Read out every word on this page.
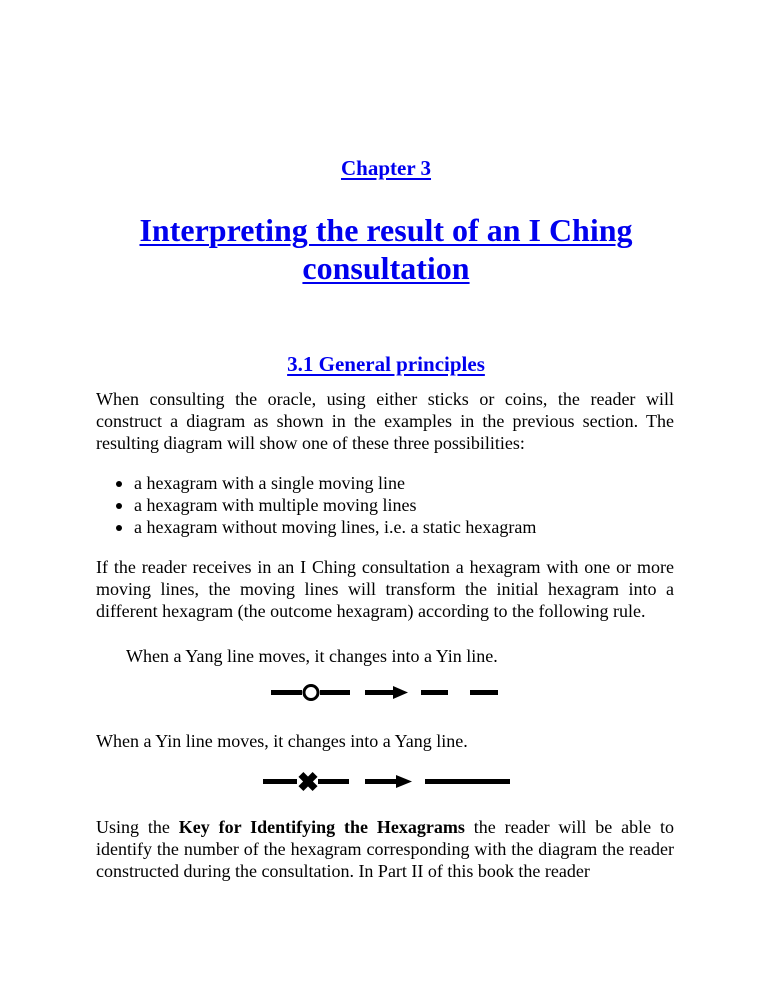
Chapter 3
Interpreting the result of an I Ching consultation
3.1 General principles

When consulting the oracle, using either sticks or coins, the reader will construct a diagram as shown in the examples in the previous section. The resulting diagram will show one of these three possibilities:

a hexagram with a single moving line
a hexagram with multiple moving lines
a hexagram without moving lines, i.e. a static hexagram

If the reader receives in an I Ching consultation a hexagram with one or more moving lines, the moving lines will transform the initial hexagram into a different hexagram (the outcome hexagram) according to the following rule.

When a Yang line moves, it changes into a Yin line.

When a Yin line moves, it changes into a Yang line.

Using the Key for Identifying the Hexagrams the reader will be able to identify the number of the hexagram corresponding with the diagram the reader constructed during the consultation. In Part II of this book the reader
